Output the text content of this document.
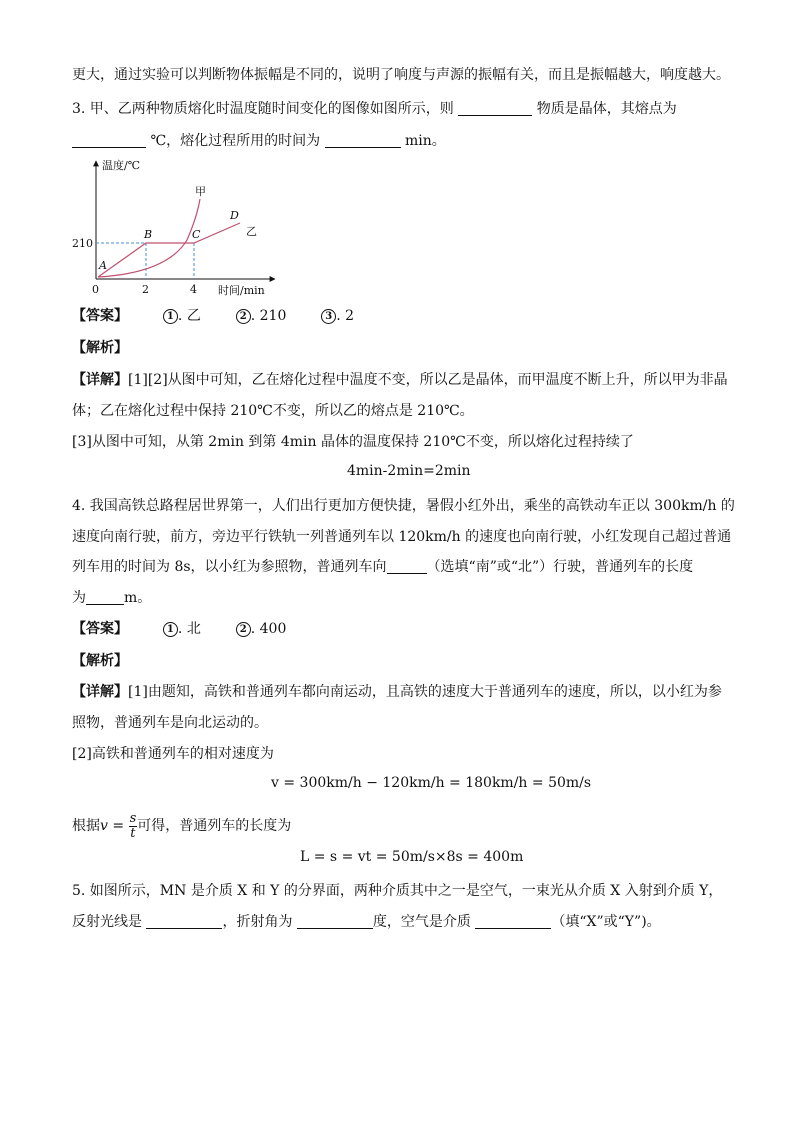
更大，通过实验可以判断物体振幅是不同的，说明了响度与声源的振幅有关，而且是振幅越大，响度越大。
3. 甲、乙两种物质熔化时温度随时间变化的图像如图所示，则	物质是晶体，其熔点为
℃，熔化过程所用的时间为	min。
温度/℃
时间/min
210
0	2	4
A
B	C
D
甲
乙
【答案】	1 . 乙	2 . 210	3 . 2
【解析】
【详解】[1][2]从图中可知，乙在熔化过程中温度不变，所以乙是晶体，而甲温度不断上升，所以甲为非晶
体；乙在熔化过程中保持 210℃不变，所以乙的熔点是 210℃。
[3]从图中可知，从第 2min 到第 4min 晶体的温度保持 210℃不变，所以熔化过程持续了
4min-2min=2min
4. 我国高铁总路程居世界第一，人们出行更加方便快捷，暑假小红外出，乘坐的高铁动车正以 300km/h 的
速度向南行驶，前方，旁边平行铁轨一列普通列车以 120km/h 的速度也向南行驶，小红发现自己超过普通
列车用的时间为 8s，以小红为参照物，普通列车向	（选填“南”或“北”）行驶，普通列车的长度
为	m。
【答案】	1 . 北	2 . 400
【解析】
【详解】[1]由题知，高铁和普通列车都向南运动，且高铁的速度大于普通列车的速度，所以，以小红为参
照物，普通列车是向北运动的。
[2]高铁和普通列车的相对速度为
v = 300km/h − 120km/h = 180km/h = 50m/s
根据$v = \frac{s}{t}$ 可得，普通列车的长度为
L = s = vt = 50m/s×8s = 400m
5. 如图所示，MN 是介质 X 和 Y 的分界面，两种介质其中之一是空气，一束光从介质 X 入射到介质 Y，
反射光线是	，折射角为	度，空气是介质	（填“X”或“Y”)。
